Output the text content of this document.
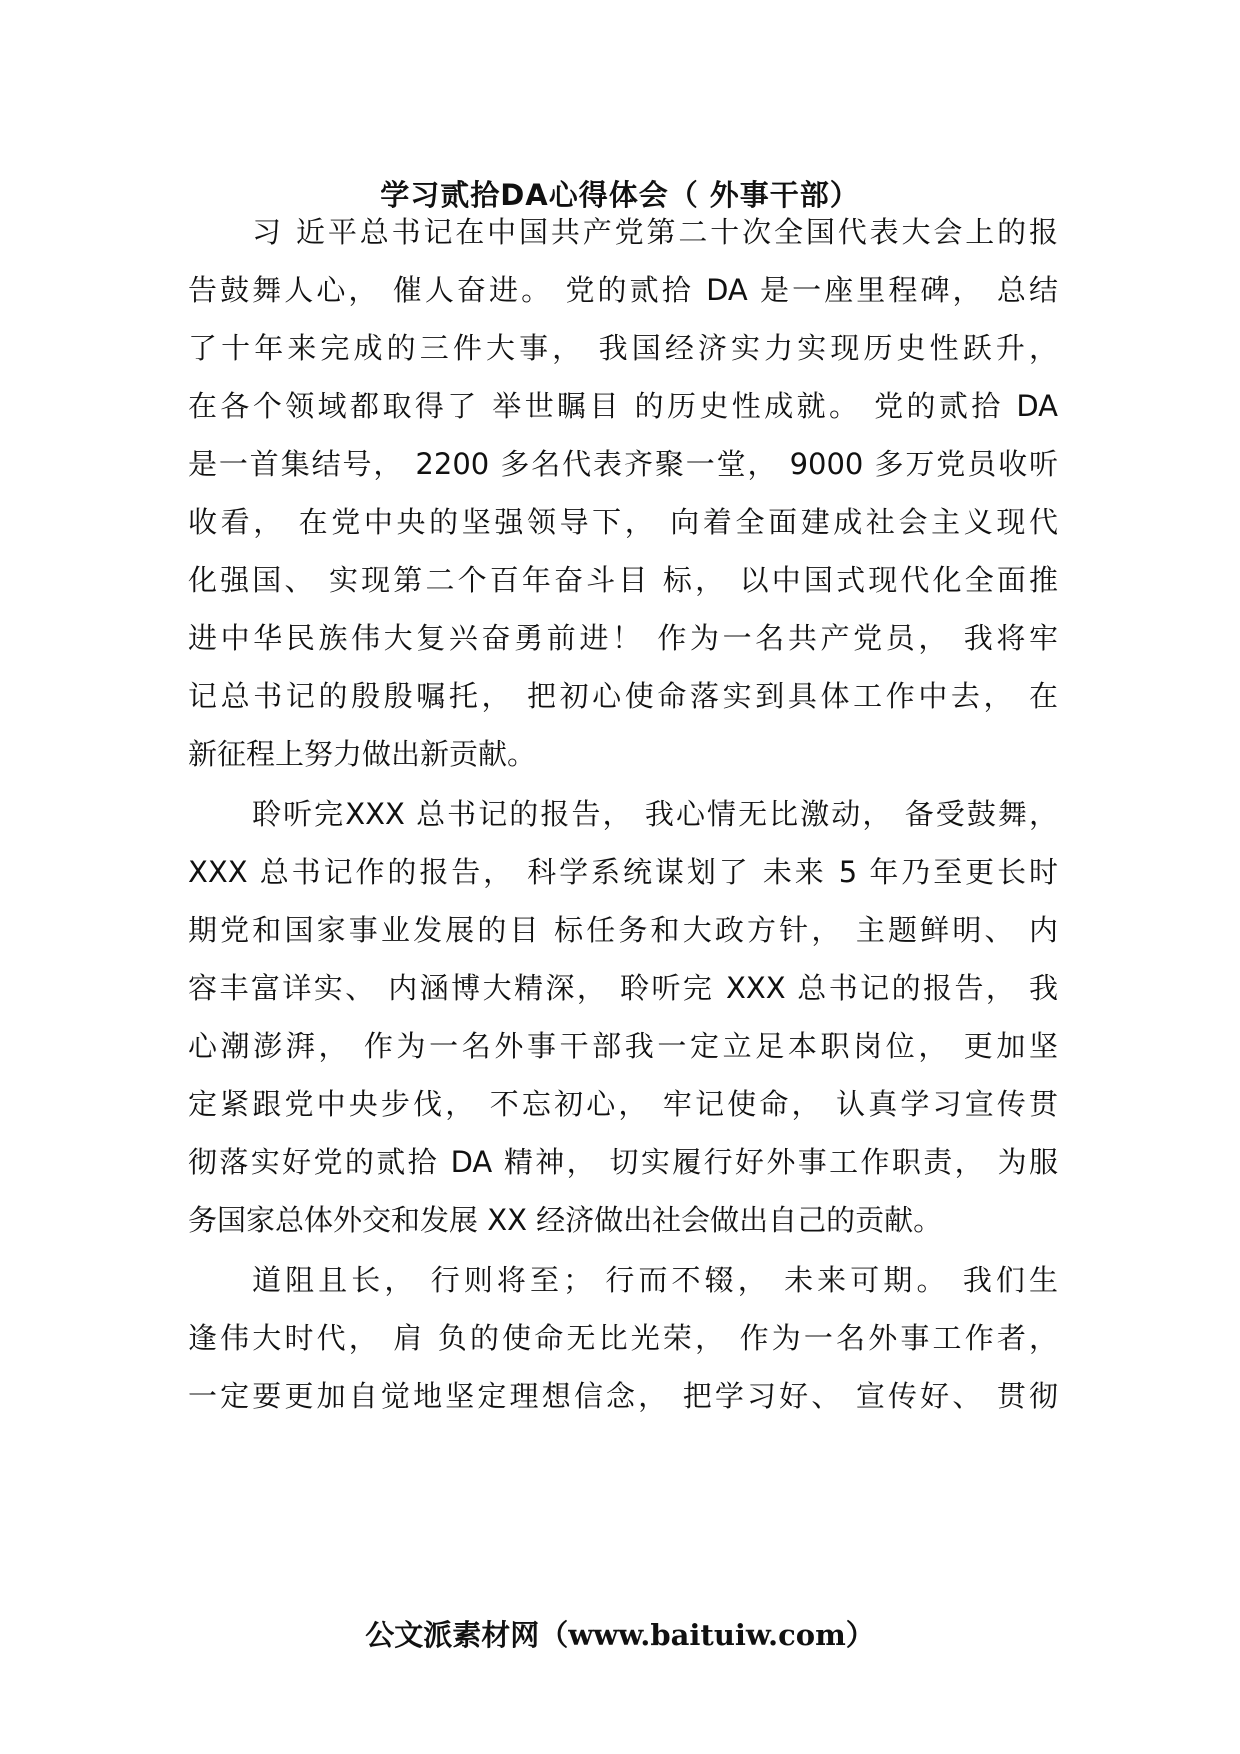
学习贰拾DA心得体会（ 外事干部）
习 近平总书记在中国共产党第二十次全国代表大会上的报
告鼓舞人心， 催人奋进。 党的贰拾 DA 是一座里程碑， 总结
了十年来完成的三件大事， 我国经济实力实现历史性跃升，
在各个领域都取得了 举世瞩目 的历史性成就。 党的贰拾 DA
是一首集结号， 2200 多名代表齐聚一堂， 9000 多万党员收听
收看， 在党中央的坚强领导下， 向着全面建成社会主义现代
化强国、 实现第二个百年奋斗目 标， 以中国式现代化全面推
进中华民族伟大复兴奋勇前进！ 作为一名共产党员， 我将牢
记总书记的殷殷嘱托， 把初心使命落实到具体工作中去， 在
新征程上努力做出新贡献。
聆听完XXX 总书记的报告， 我心情无比激动， 备受鼓舞，
XXX 总书记作的报告， 科学系统谋划了 未来 5 年乃至更长时
期党和国家事业发展的目 标任务和大政方针， 主题鲜明、 内
容丰富详实、 内涵博大精深， 聆听完 XXX 总书记的报告， 我
心潮澎湃， 作为一名外事干部我一定立足本职岗位， 更加坚
定紧跟党中央步伐， 不忘初心， 牢记使命， 认真学习宣传贯
彻落实好党的贰拾 DA 精神， 切实履行好外事工作职责， 为服
务国家总体外交和发展 XX 经济做出社会做出自己的贡献。
道阻且长， 行则将至； 行而不辍， 未来可期。 我们生
逢伟大时代， 肩 负的使命无比光荣， 作为一名外事工作者，
一定要更加自觉地坚定理想信念， 把学习好、 宣传好、 贯彻
公文派素材网（www.baituiw.com）
